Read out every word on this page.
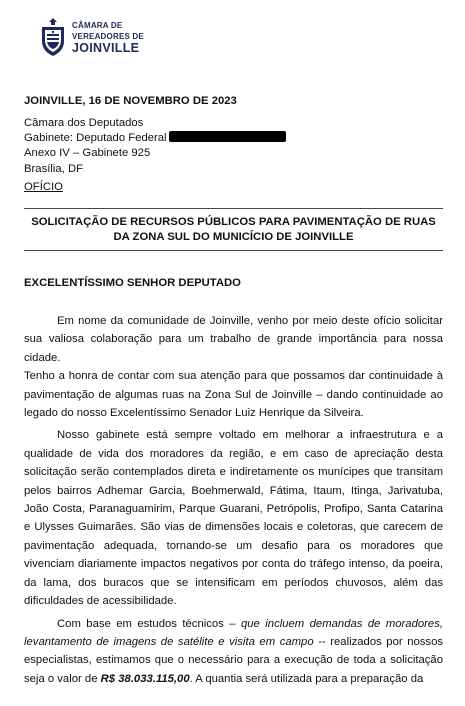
CÂMARA DE
VEREADORES DE
JOINVILLE
JOINVILLE, 16 DE NOVEMBRO DE 2023
Câmara dos Deputados
Gabinete: Deputado Federal
Anexo IV – Gabinete 925
Brasília, DF
OFÍCIO
SOLICITAÇÃO DE RECURSOS PÚBLICOS PARA PAVIMENTAÇÃO DE RUAS DA ZONA SUL DO MUNICÍCIO DE JOINVILLE
EXCELENTÍSSIMO SENHOR DEPUTADO

Em nome da comunidade de Joinville, venho por meio deste ofício solicitar sua valiosa colaboração para um trabalho de grande importância para nossa cidade.

Tenho a honra de contar com sua atenção para que possamos dar continuidade à pavimentação de algumas ruas na Zona Sul de Joinville – dando continuidade ao legado do nosso Excelentíssimo Senador Luiz Henrique da Silveira.

Nosso gabinete está sempre voltado em melhorar a infraestrutura e a qualidade de vida dos moradores da região, e em caso de apreciação desta solicitação serão contemplados direta e indiretamente os munícipes que transitam pelos bairros Adhemar Garcia, Boehmerwald, Fátima, Itaum, Itinga, Jarivatuba, João Costa, Paranaguamirim, Parque Guarani, Petrópolis, Profipo, Santa Catarina e Ulysses Guimarães. São vias de dimensões locais e coletoras, que carecem de pavimentação adequada, tornando-se um desafio para os moradores que vivenciam diariamente impactos negativos por conta do tráfego intenso, da poeira, da lama, dos buracos que se intensificam em períodos chuvosos, além das dificuldades de acessibilidade.

Com base em estudos técnicos – que incluem demandas de moradores, levantamento de imagens de satélite e visita em campo -- realizados por nossos especialistas, estimamos que o necessário para a execução de toda a solicitação seja o valor de R$ 38.033.115,00. A quantia será utilizada para a preparação da
